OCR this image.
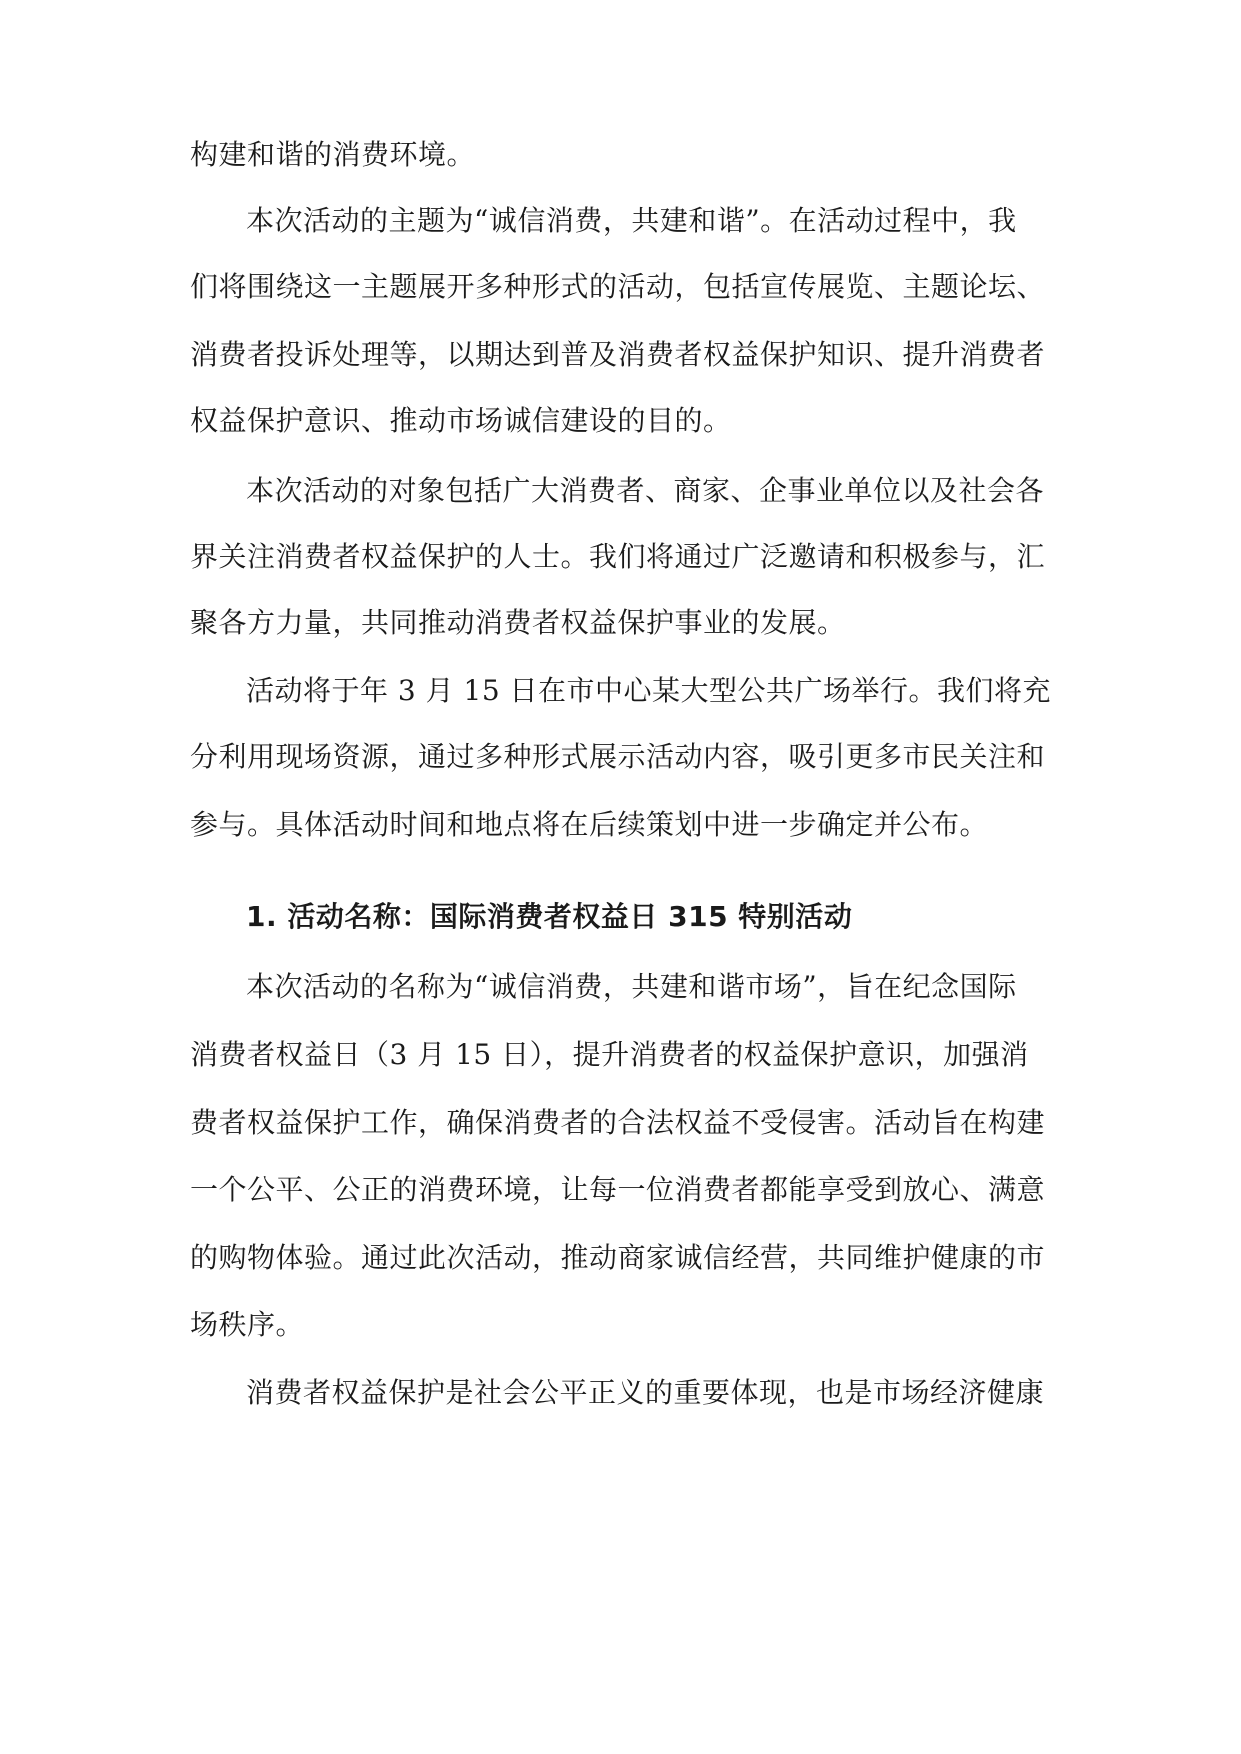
构建和谐的消费环境。
本次活动的主题为“诚信消费，共建和谐”。在活动过程中，我
们将围绕这一主题展开多种形式的活动，包括宣传展览、主题论坛、
消费者投诉处理等，以期达到普及消费者权益保护知识、提升消费者
权益保护意识、推动市场诚信建设的目的。
本次活动的对象包括广大消费者、商家、企事业单位以及社会各
界关注消费者权益保护的人士。我们将通过广泛邀请和积极参与，汇
聚各方力量，共同推动消费者权益保护事业的发展。
活动将于年 3 月 15 日在市中心某大型公共广场举行。我们将充
分利用现场资源，通过多种形式展示活动内容，吸引更多市民关注和
参与。具体活动时间和地点将在后续策划中进一步确定并公布。
1. 活动名称：国际消费者权益日 315 特别活动
本次活动的名称为“诚信消费，共建和谐市场”，旨在纪念国际
消费者权益日（3 月 15 日），提升消费者的权益保护意识，加强消
费者权益保护工作，确保消费者的合法权益不受侵害。活动旨在构建
一个公平、公正的消费环境，让每一位消费者都能享受到放心、满意
的购物体验。通过此次活动，推动商家诚信经营，共同维护健康的市
场秩序。
消费者权益保护是社会公平正义的重要体现，也是市场经济健康
